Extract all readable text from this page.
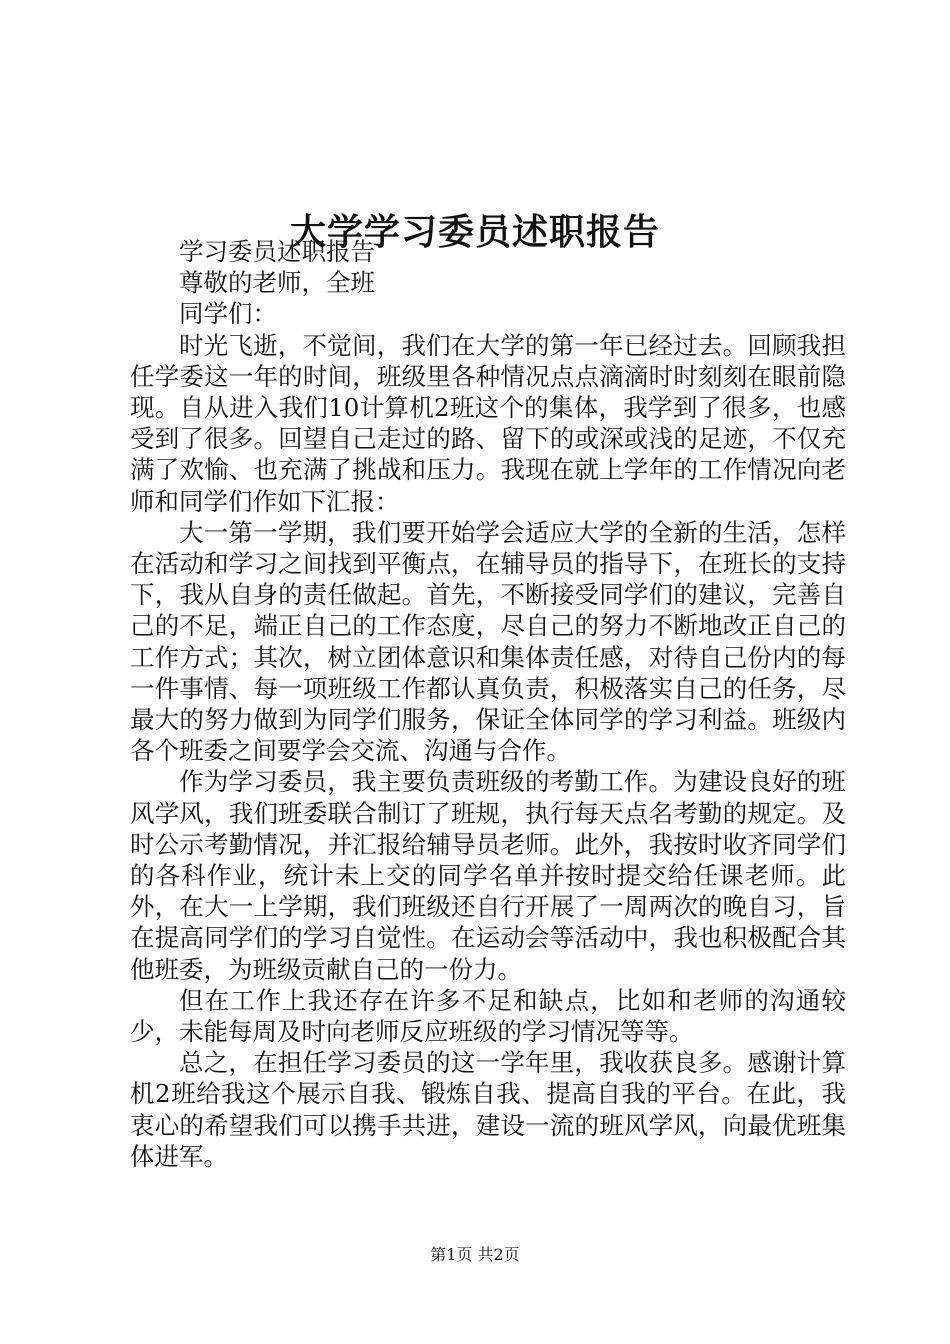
大学学习委员述职报告

学习委员述职报告

尊敬的老师，全班

同学们：

时光飞逝，不觉间，我们在大学的第一年已经过去。回顾我担任学委这一年的时间，班级里各种情况点点滴滴时时刻刻在眼前隐现。自从进入我们10计算机2班这个的集体，我学到了很多，也感受到了很多。回望自己走过的路、留下的或深或浅的足迹，不仅充满了欢愉、也充满了挑战和压力。我现在就上学年的工作情况向老师和同学们作如下汇报：

大一第一学期，我们要开始学会适应大学的全新的生活，怎样在活动和学习之间找到平衡点，在辅导员的指导下，在班长的支持下，我从自身的责任做起。首先，不断接受同学们的建议，完善自己的不足，端正自己的工作态度，尽自己的努力不断地改正自己的工作方式；其次，树立团体意识和集体责任感，对待自己份内的每一件事情、每一项班级工作都认真负责，积极落实自己的任务，尽最大的努力做到为同学们服务，保证全体同学的学习利益。班级内各个班委之间要学会交流、沟通与合作。

作为学习委员，我主要负责班级的考勤工作。为建设良好的班风学风，我们班委联合制订了班规，执行每天点名考勤的规定。及时公示考勤情况，并汇报给辅导员老师。此外，我按时收齐同学们的各科作业，统计未上交的同学名单并按时提交给任课老师。此外，在大一上学期，我们班级还自行开展了一周两次的晚自习，旨在提高同学们的学习自觉性。在运动会等活动中，我也积极配合其他班委，为班级贡献自己的一份力。

但在工作上我还存在许多不足和缺点，比如和老师的沟通较少，未能每周及时向老师反应班级的学习情况等等。

总之，在担任学习委员的这一学年里，我收获良多。感谢计算机2班给我这个展示自我、锻炼自我、提高自我的平台。在此，我衷心的希望我们可以携手共进，建设一流的班风学风，向最优班集体进军。

第1页 共2页
